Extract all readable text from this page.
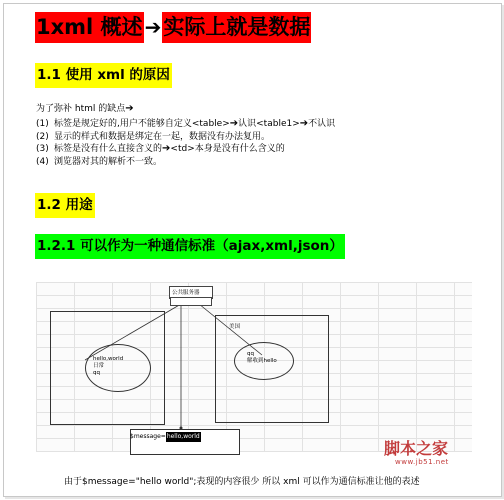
1xml 概述 ➔ 实际上就是数据
1.1 使用 xml 的原因
为了弥补 html 的缺点➔
(1) 标签是规定好的,用户不能够自定义<table>➔认识<table1>➔不认识
(2) 显示的样式和数据是绑定在一起，数据没有办法复用。
(3) 标签是没有什么直接含义的➔<td>本身是没有什么含义的
(4) 浏览器对其的解析不一致。
1.2 用途
1.2.1 可以作为一种通信标准（ajax,xml,json）
公共服务器
hello,world
日常
qq
美国
qq
解收到hello
$message= hello,world
由于$message="hello world";表现的内容很少 所以 xml 可以作为通信标准让他的表述
脚本之家
www.jb51.net
